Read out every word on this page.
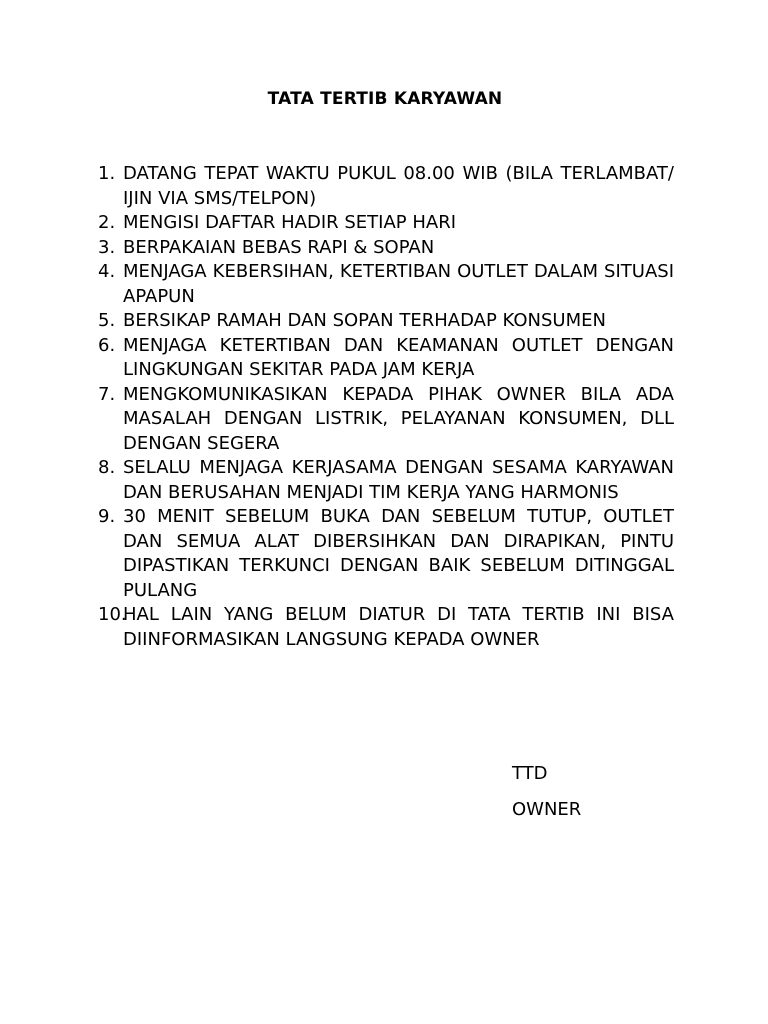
TATA TERTIB KARYAWAN
1. DATANG TEPAT WAKTU PUKUL 08.00 WIB (BILA TERLAMBAT/ IJIN VIA SMS/TELPON)
2. MENGISI DAFTAR HADIR SETIAP HARI
3. BERPAKAIAN BEBAS RAPI & SOPAN
4. MENJAGA KEBERSIHAN, KETERTIBAN OUTLET DALAM SITUASI APAPUN
5. BERSIKAP RAMAH DAN SOPAN TERHADAP KONSUMEN
6. MENJAGA KETERTIBAN DAN KEAMANAN OUTLET DENGAN LINGKUNGAN SEKITAR PADA JAM KERJA
7. MENGKOMUNIKASIKAN KEPADA PIHAK OWNER BILA ADA MASALAH DENGAN LISTRIK, PELAYANAN KONSUMEN, DLL DENGAN SEGERA
8. SELALU MENJAGA KERJASAMA DENGAN SESAMA KARYAWAN DAN BERUSAHAN MENJADI TIM KERJA YANG HARMONIS
9. 30 MENIT SEBELUM BUKA DAN SEBELUM TUTUP, OUTLET DAN SEMUA ALAT DIBERSIHKAN DAN DIRAPIKAN, PINTU DIPASTIKAN TERKUNCI DENGAN BAIK SEBELUM DITINGGAL PULANG
10.
HAL LAIN YANG BELUM DIATUR DI TATA TERTIB INI BISA DIINFORMASIKAN LANGSUNG KEPADA OWNER
TTD
OWNER
